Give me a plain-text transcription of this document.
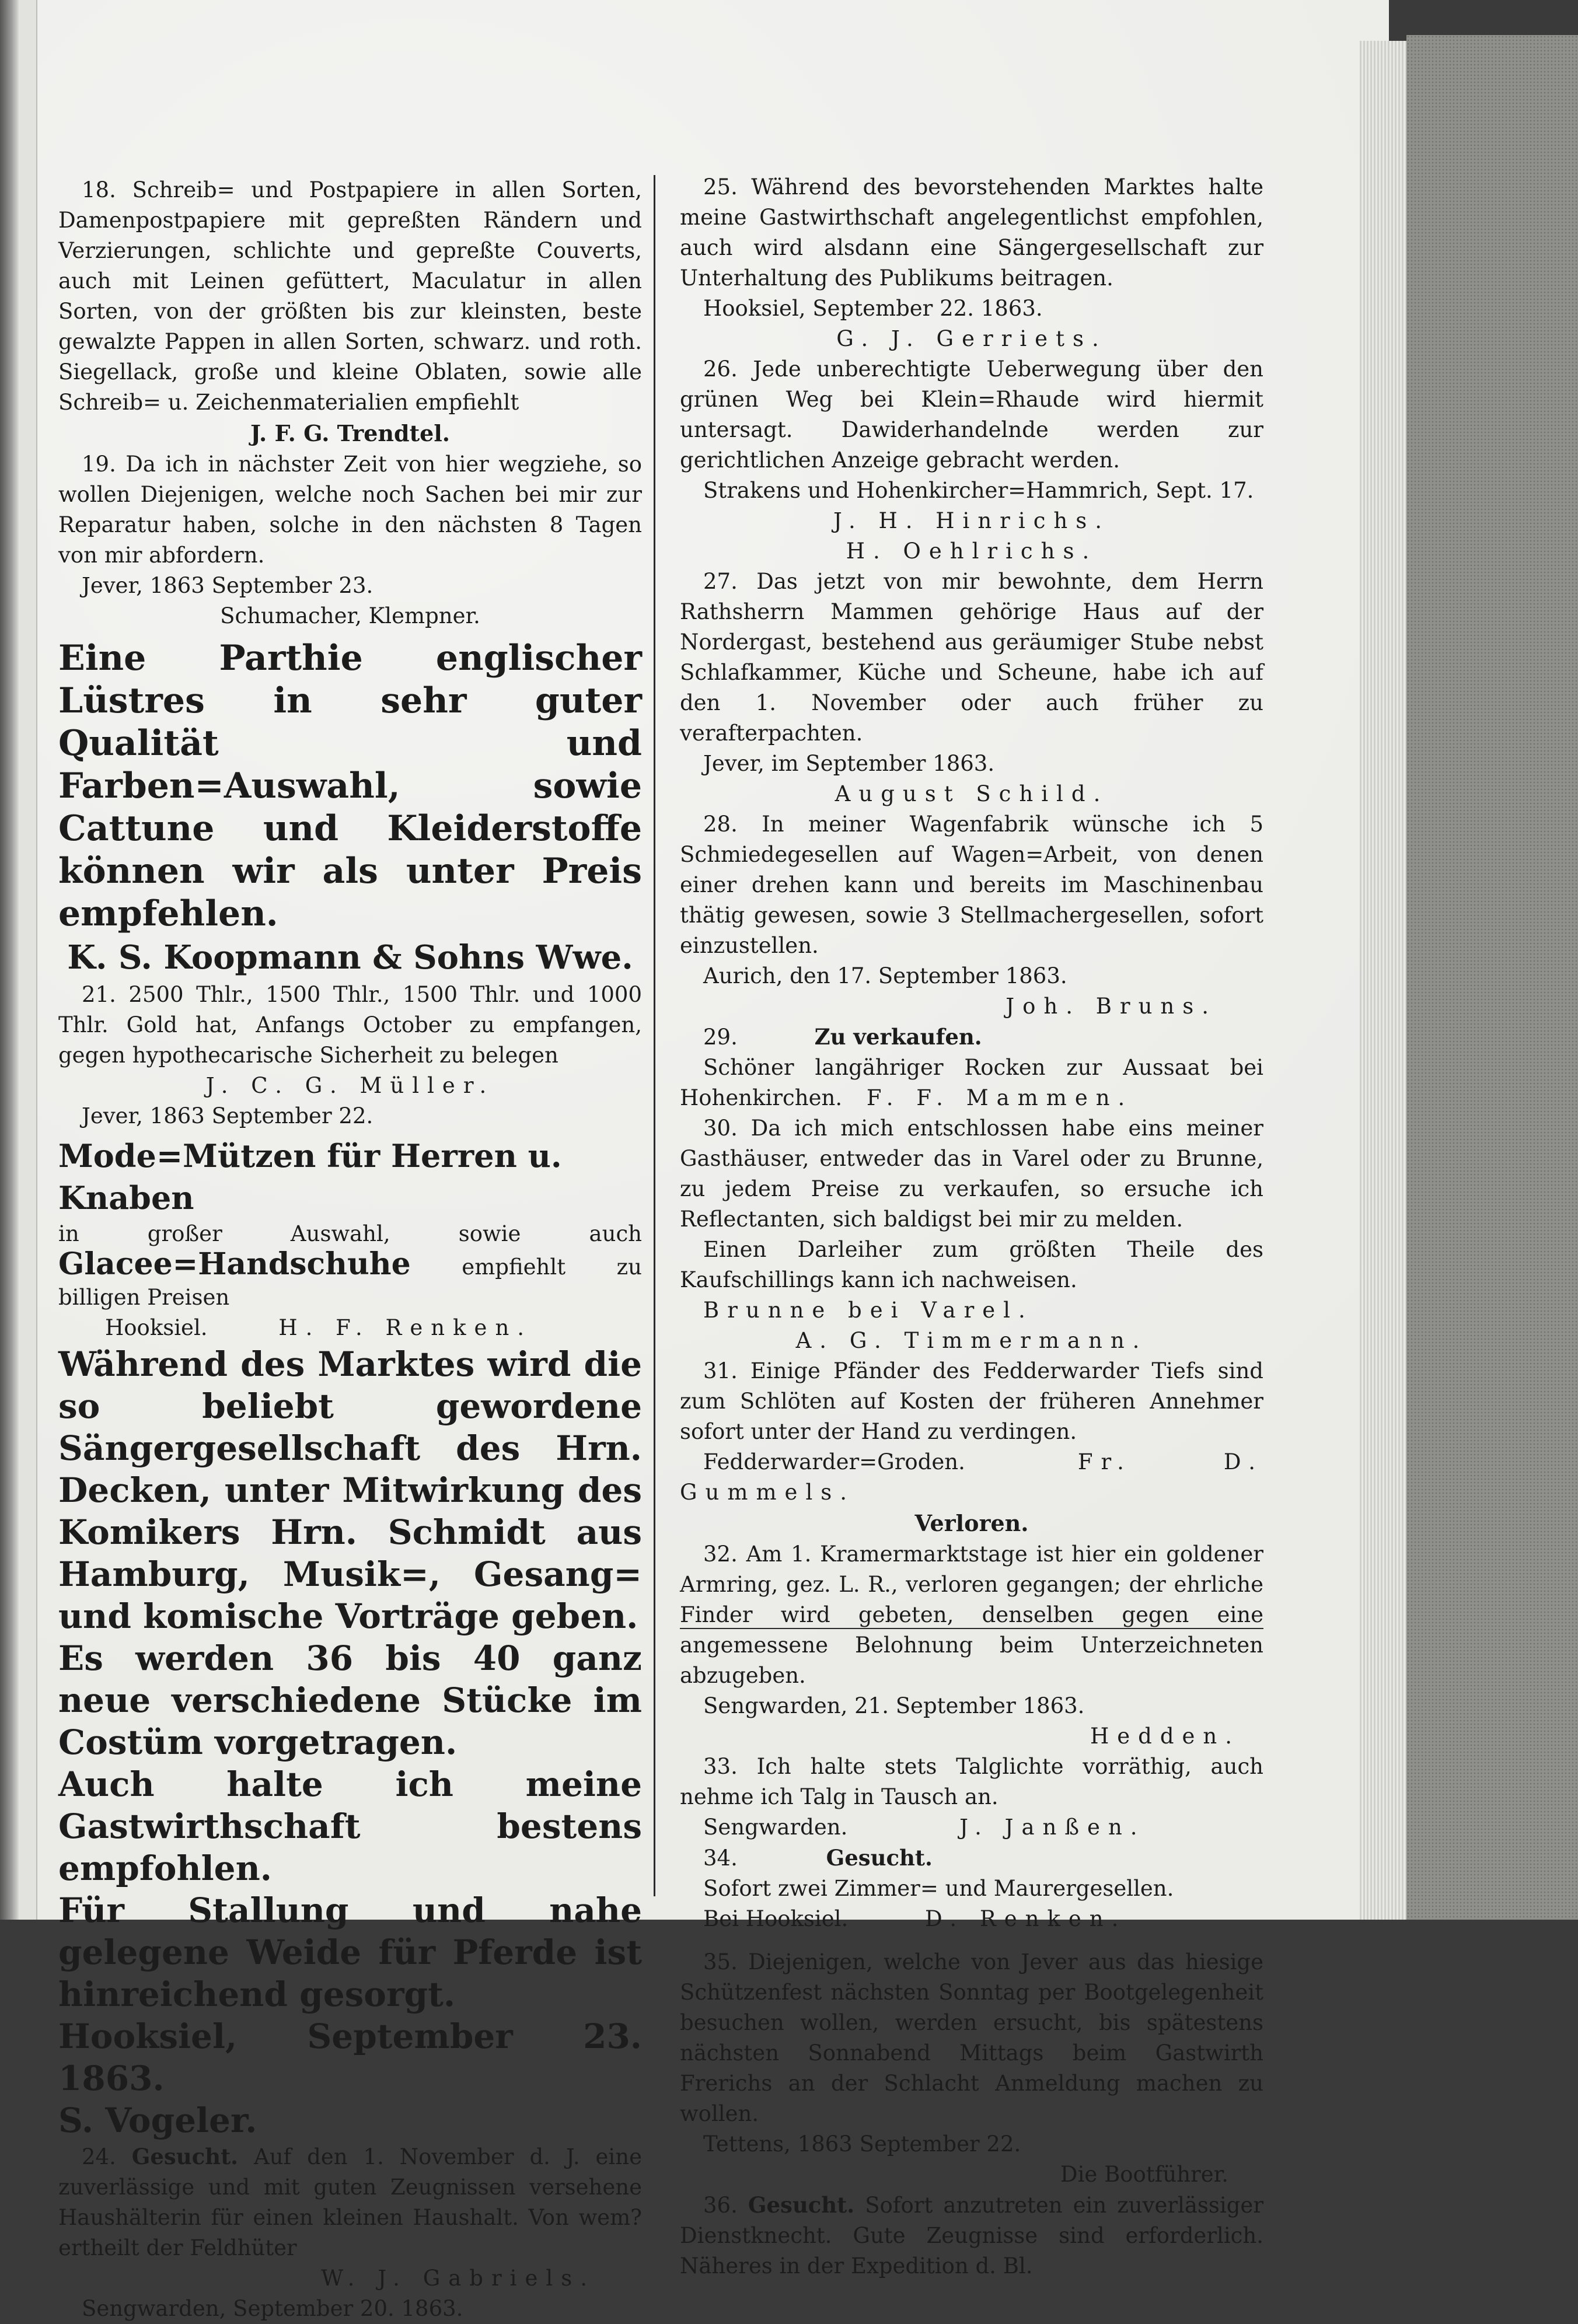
18. Schreib= und Postpapiere in allen Sorten, Damenpostpapiere mit gepreßten Rändern und Verzierungen, schlichte und gepreßte Couverts, auch mit Leinen gefüttert, Maculatur in allen Sorten, von der größten bis zur kleinsten, beste gewalzte Pappen in allen Sorten, schwarz. und roth. Siegellack, große und kleine Oblaten, sowie alle Schreib= u. Zeichenmaterialien empfiehlt

J. F. G. Trendtel.

19. Da ich in nächster Zeit von hier wegziehe, so wollen Diejenigen, welche noch Sachen bei mir zur Reparatur haben, solche in den nächsten 8 Tagen von mir abfordern.

Jever, 1863 September 23.

Schumacher, Klempner.

Eine Parthie englischer Lüstres in sehr guter Qualität und Farben=Auswahl, sowie Cattune und Kleiderstoffe können wir als unter Preis empfehlen.

K. S. Koopmann & Sohns Wwe.

21. 2500 Thlr., 1500 Thlr., 1500 Thlr. und 1000 Thlr. Gold hat, Anfangs October zu empfangen, gegen hypothecarische Sicherheit zu belegen

J. C. G. Müller.

Jever, 1863 September 22.

Mode=Mützen für Herren u. Knaben

in großer Auswahl, sowie auch Glacee=Handschuhe empfiehlt zu billigen Preisen

Hooksiel.	H. F. Renken.

Während des Marktes wird die so beliebt gewordene Sängergesellschaft des Hrn. Decken, unter Mitwirkung des Komikers Hrn. Schmidt aus Hamburg, Musik=, Gesang= und komische Vorträge geben.

Es werden 36 bis 40 ganz neue verschiedene Stücke im Costüm vorgetragen.

Auch halte ich meine Gastwirthschaft bestens empfohlen.

Für Stallung und nahe gelegene Weide für Pferde ist hinreichend gesorgt.

Hooksiel, September 23. 1863.

S. Vogeler.

24. Gesucht. Auf den 1. November d. J. eine zuverlässige und mit guten Zeugnissen versehene Haushälterin für einen kleinen Haushalt. Von wem? ertheilt der Feldhüter

W. J. Gabriels.

Sengwarden, September 20. 1863.

25. Während des bevorstehenden Marktes halte meine Gastwirthschaft angelegentlichst empfohlen, auch wird alsdann eine Sängergesellschaft zur Unterhaltung des Publikums beitragen.

Hooksiel, September 22. 1863.

G. J. Gerriets.

26. Jede unberechtigte Ueberwegung über den grünen Weg bei Klein=Rhaude wird hiermit untersagt. Dawiderhandelnde werden zur gerichtlichen Anzeige gebracht werden.

Strakens und Hohenkircher=Hammrich, Sept. 17.

J. H. Hinrichs.

H. Oehlrichs.

27. Das jetzt von mir bewohnte, dem Herrn Rathsherrn Mammen gehörige Haus auf der Nordergast, bestehend aus geräumiger Stube nebst Schlafkammer, Küche und Scheune, habe ich auf den 1. November oder auch früher zu verafterpachten.

Jever, im September 1863.

August Schild.

28. In meiner Wagenfabrik wünsche ich 5 Schmiedegesellen auf Wagen=Arbeit, von denen einer drehen kann und bereits im Maschinenbau thätig gewesen, sowie 3 Stellmachergesellen, sofort einzustellen.

Aurich, den 17. September 1863.

Joh. Bruns.

29.	Zu verkaufen.

Schöner langähriger Rocken zur Aussaat bei Hohenkirchen. F. F. Mammen.

30. Da ich mich entschlossen habe eins meiner Gasthäuser, entweder das in Varel oder zu Brunne, zu jedem Preise zu verkaufen, so ersuche ich Reflectanten, sich baldigst bei mir zu melden.

Einen Darleiher zum größten Theile des Kaufschillings kann ich nachweisen.

Brunne bei Varel.

A. G. Timmermann.

31. Einige Pfänder des Fedderwarder Tiefs sind zum Schlöten auf Kosten der früheren Annehmer sofort unter der Hand zu verdingen.

Fedderwarder=Groden.	Fr. D. Gummels.

Verloren.

32. Am 1. Kramermarktstage ist hier ein goldener Armring, gez. L. R., verloren gegangen; der ehrliche Finder wird gebeten, denselben gegen eine angemessene Belohnung beim Unterzeichneten abzugeben.

Sengwarden, 21. September 1863.

Hedden.

33. Ich halte stets Talglichte vorräthig, auch nehme ich Talg in Tausch an.

Sengwarden.	J. Janßen.

34.	Gesucht.

Sofort zwei Zimmer= und Maurergesellen.

Bei Hooksiel.	D. Renken.

35. Diejenigen, welche von Jever aus das hiesige Schützenfest nächsten Sonntag per Bootgelegenheit besuchen wollen, werden ersucht, bis spätestens nächsten Sonnabend Mittags beim Gastwirth Frerichs an der Schlacht Anmeldung machen zu wollen.

Tettens, 1863 September 22.

Die Bootführer.

36. Gesucht. Sofort anzutreten ein zuverlässiger Dienstknecht. Gute Zeugnisse sind erforderlich. Näheres in der Expedition d. Bl.
